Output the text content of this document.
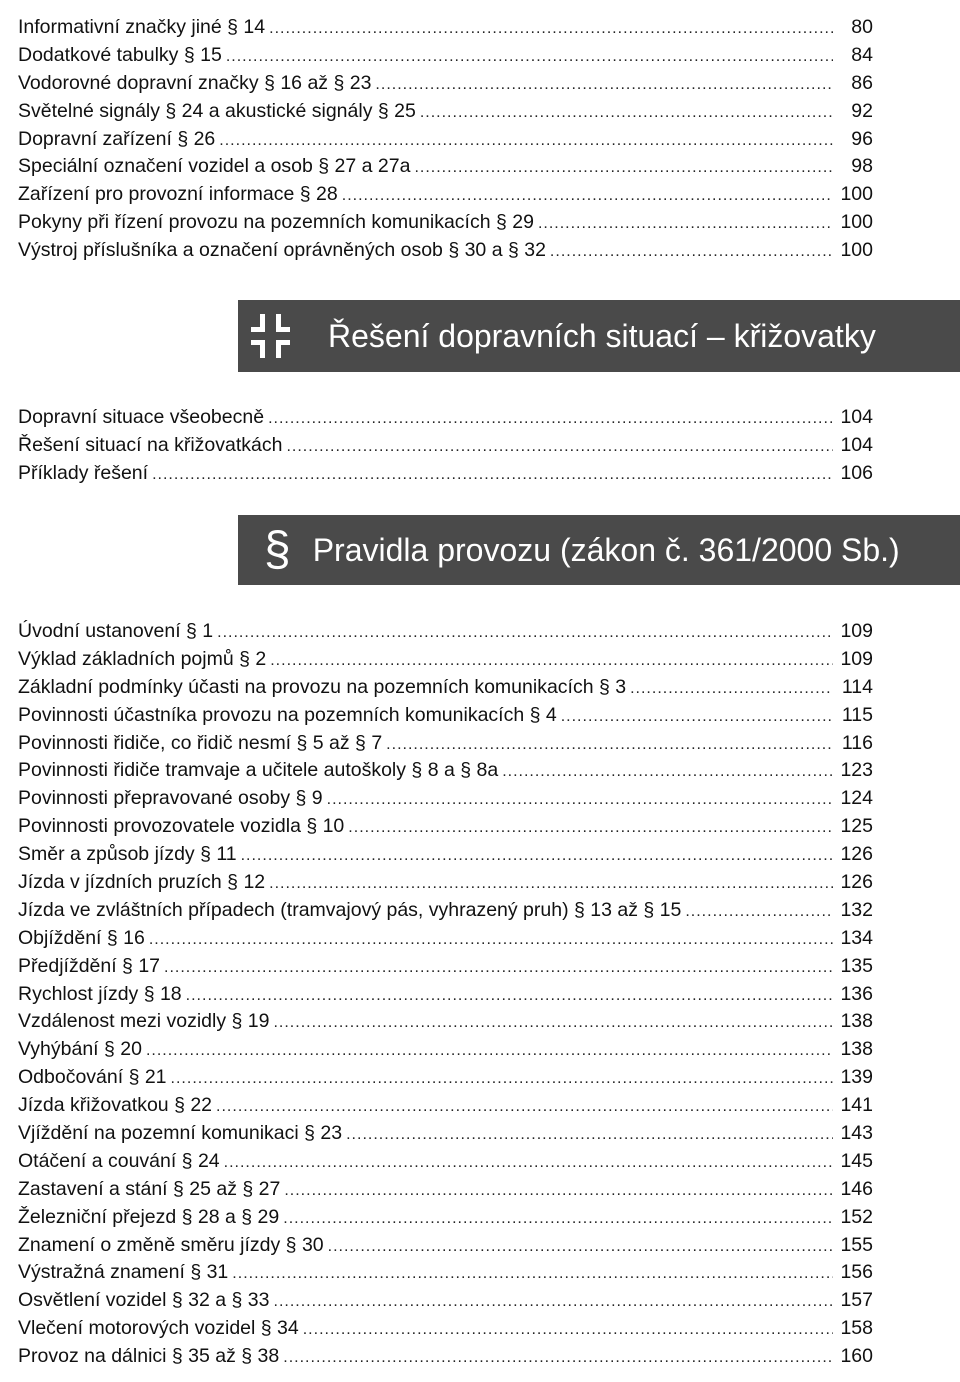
Informativní značky jiné § 14 .....	80
Dodatkové tabulky § 15 .....	84
Vodorovné dopravní značky § 16 až § 23 .....	86
Světelné signály § 24 a akustické signály § 25 .....	92
Dopravní zařízení § 26 .....	96
Speciální označení vozidel a osob § 27 a 27a .....	98
Zařízení pro provozní informace § 28 .....	100
Pokyny při řízení provozu na pozemních komunikacích § 29 .....	100
Výstroj příslušníka a označení oprávněných osob § 30 a § 32 .....	100
Řešení dopravních situací – křižovatky
Dopravní situace všeobecně .....	104
Řešení situací na křižovatkách .....	104
Příklady řešení .....	106
§ Pravidla provozu (zákon č. 361/2000 Sb.)
Úvodní ustanovení § 1 .....	109
Výklad základních pojmů § 2 .....	109
Základní podmínky účasti na provozu na pozemních komunikacích § 3 .....	114
Povinnosti účastníka provozu na pozemních komunikacích § 4 .....	115
Povinnosti řidiče, co řidič nesmí § 5 až § 7 .....	116
Povinnosti řidiče tramvaje a učitele autoškoly § 8 a § 8a .....	123
Povinnosti přepravované osoby § 9 .....	124
Povinnosti provozovatele vozidla § 10 .....	125
Směr a způsob jízdy § 11 .....	126
Jízda v jízdních pruzích § 12 .....	126
Jízda ve zvláštních případech (tramvajový pás, vyhrazený pruh) § 13 až § 15 .....	132
Objíždění § 16 .....	134
Předjíždění § 17 .....	135
Rychlost jízdy § 18 .....	136
Vzdálenost mezi vozidly § 19 .....	138
Vyhýbání § 20 .....	138
Odbočování § 21 .....	139
Jízda křižovatkou § 22 .....	141
Vjíždění na pozemní komunikaci § 23 .....	143
Otáčení a couvání § 24 .....	145
Zastavení a stání § 25 až § 27 .....	146
Železniční přejezd § 28 a § 29 .....	152
Znamení o změně směru jízdy § 30 .....	155
Výstražná znamení § 31 .....	156
Osvětlení vozidel § 32 a § 33 .....	157
Vlečení motorových vozidel § 34 .....	158
Provoz na dálnici § 35 až § 38 .....	160
